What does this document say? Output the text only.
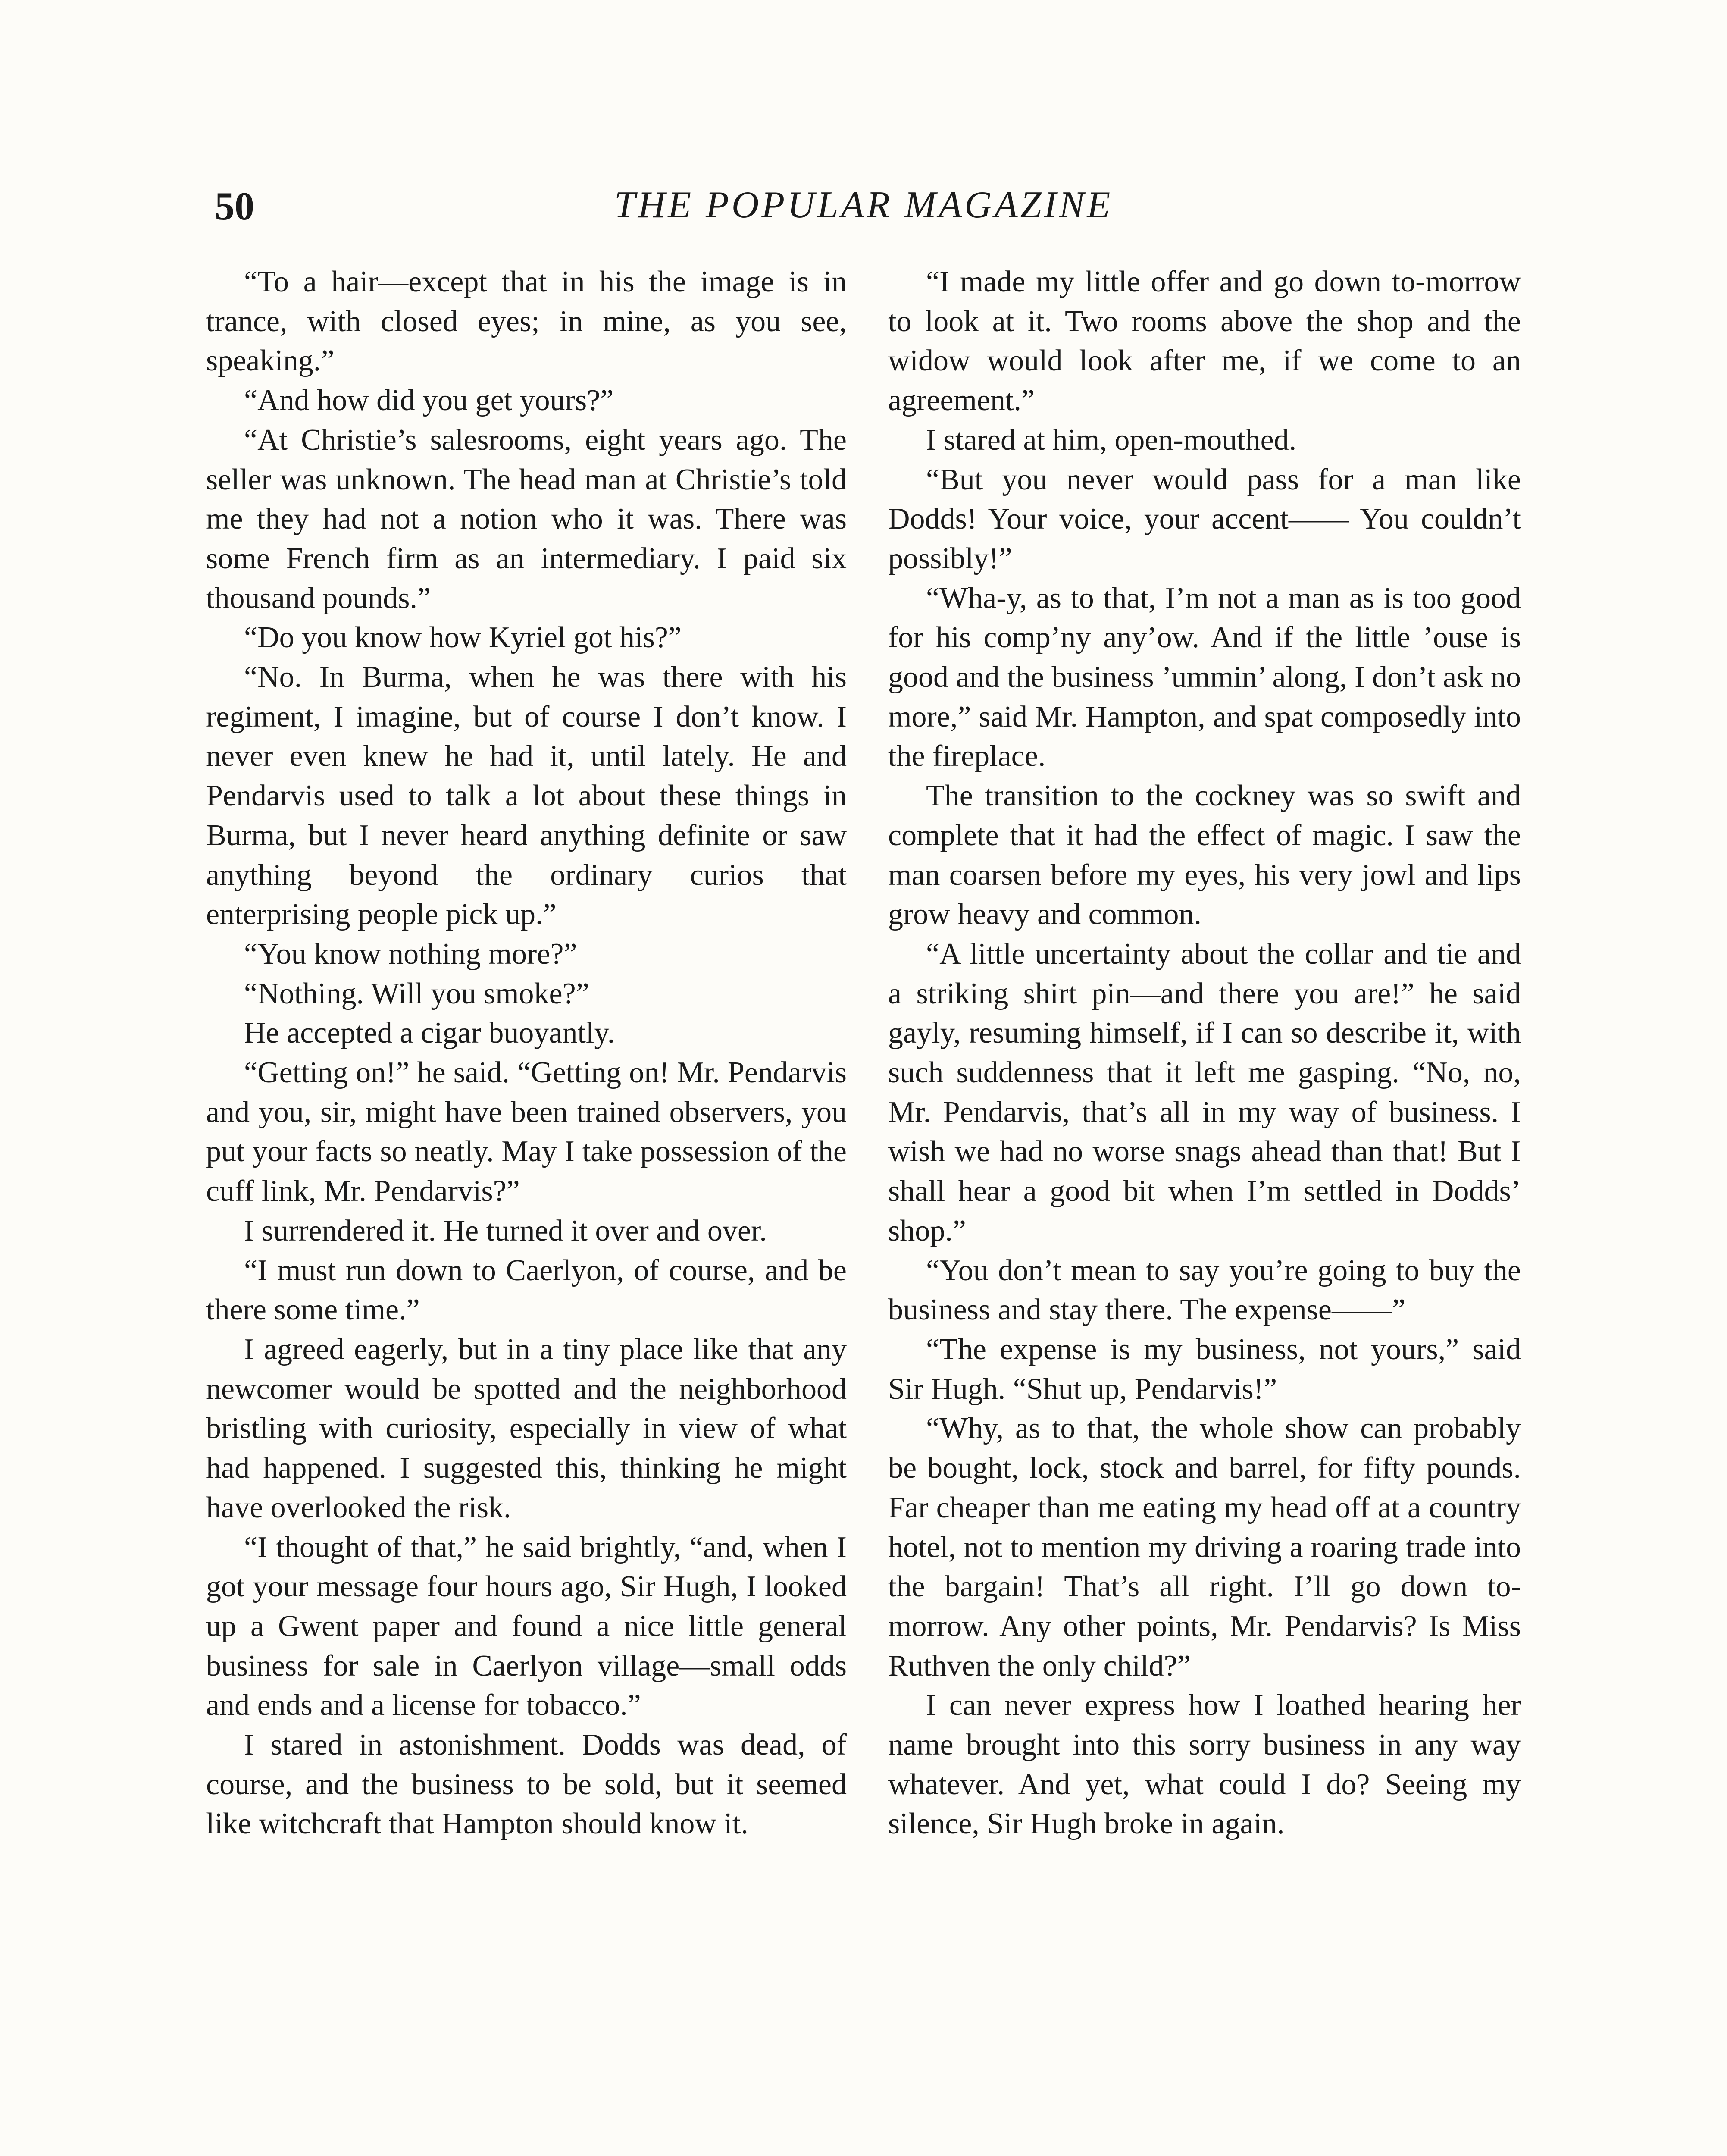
50	THE POPULAR MAGAZINE

“To a hair—except that in his the image is in trance, with closed eyes; in mine, as you see, speaking.”

“And how did you get yours?”

“At Christie’s salesrooms, eight years ago. The seller was unknown. The head man at Christie’s told me they had not a notion who it was. There was some French firm as an intermediary. I paid six thousand pounds.”

“Do you know how Kyriel got his?”

“No. In Burma, when he was there with his regiment, I imagine, but of course I don’t know. I never even knew he had it, until lately. He and Pendarvis used to talk a lot about these things in Burma, but I never heard anything definite or saw anything beyond the ordinary curios that enterprising people pick up.”

“You know nothing more?”

“Nothing. Will you smoke?”

He accepted a cigar buoyantly.

“Getting on!” he said. “Getting on! Mr. Pendarvis and you, sir, might have been trained observers, you put your facts so neatly. May I take possession of the cuff link, Mr. Pendarvis?”

I surrendered it. He turned it over and over.

“I must run down to Caerlyon, of course, and be there some time.”

I agreed eagerly, but in a tiny place like that any newcomer would be spotted and the neighborhood bristling with curiosity, especially in view of what had happened. I suggested this, thinking he might have overlooked the risk.

“I thought of that,” he said brightly, “and, when I got your message four hours ago, Sir Hugh, I looked up a Gwent paper and found a nice little general business for sale in Caerlyon village—small odds and ends and a license for tobacco.”

I stared in astonishment. Dodds was dead, of course, and the business to be sold, but it seemed like witchcraft that Hampton should know it.

“I made my little offer and go down to-morrow to look at it. Two rooms above the shop and the widow would look after me, if we come to an agreement.”

I stared at him, open-mouthed.

“But you never would pass for a man like Dodds! Your voice, your accent—— You couldn’t possibly!”

“Wha-y, as to that, I’m not a man as is too good for his comp’ny any’ow. And if the little ’ouse is good and the business ’ummin’ along, I don’t ask no more,” said Mr. Hampton, and spat composedly into the fireplace.

The transition to the cockney was so swift and complete that it had the effect of magic. I saw the man coarsen before my eyes, his very jowl and lips grow heavy and common.

“A little uncertainty about the collar and tie and a striking shirt pin—and there you are!” he said gayly, resuming himself, if I can so describe it, with such suddenness that it left me gasping. “No, no, Mr. Pendarvis, that’s all in my way of business. I wish we had no worse snags ahead than that! But I shall hear a good bit when I’m settled in Dodds’ shop.”

“You don’t mean to say you’re going to buy the business and stay there. The expense——”

“The expense is my business, not yours,” said Sir Hugh. “Shut up, Pendarvis!”

“Why, as to that, the whole show can probably be bought, lock, stock and barrel, for fifty pounds. Far cheaper than me eating my head off at a country hotel, not to mention my driving a roaring trade into the bargain! That’s all right. I’ll go down to-morrow. Any other points, Mr. Pendarvis? Is Miss Ruthven the only child?”

I can never express how I loathed hearing her name brought into this sorry business in any way whatever. And yet, what could I do? Seeing my silence, Sir Hugh broke in again.
